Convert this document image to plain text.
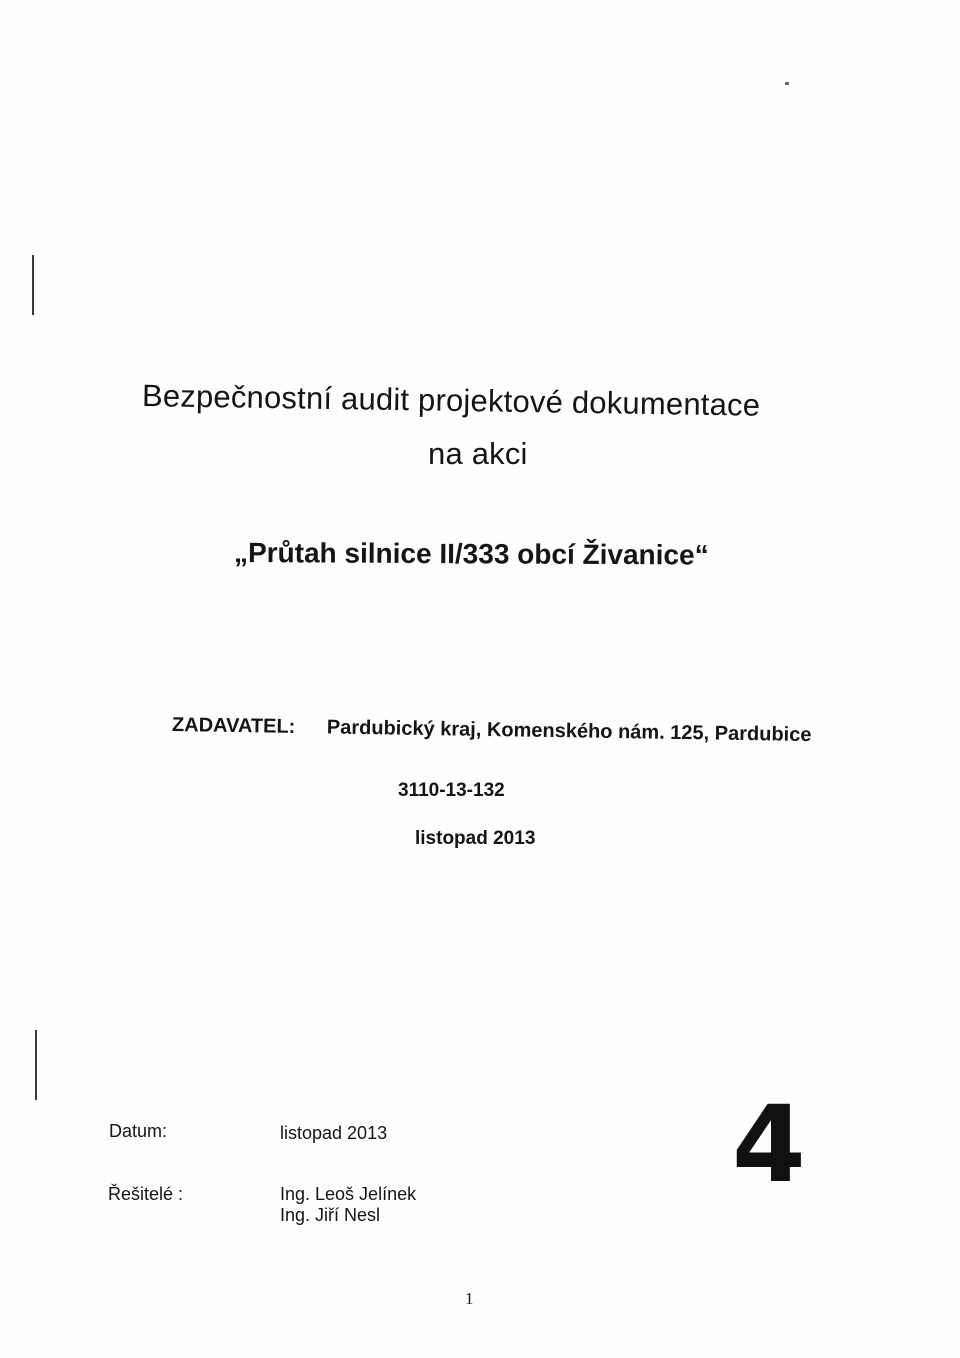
Bezpečnostní audit projektové dokumentace
na akci
„Průtah silnice II/333 obcí Živanice“
ZADAVATEL: Pardubický kraj, Komenského nám. 125, Pardubice
3110-13-132
listopad 2013
Datum:	listopad 2013
Řešitelé :	Ing. Leoš Jelínek
Ing. Jiří Nesl
4
1
